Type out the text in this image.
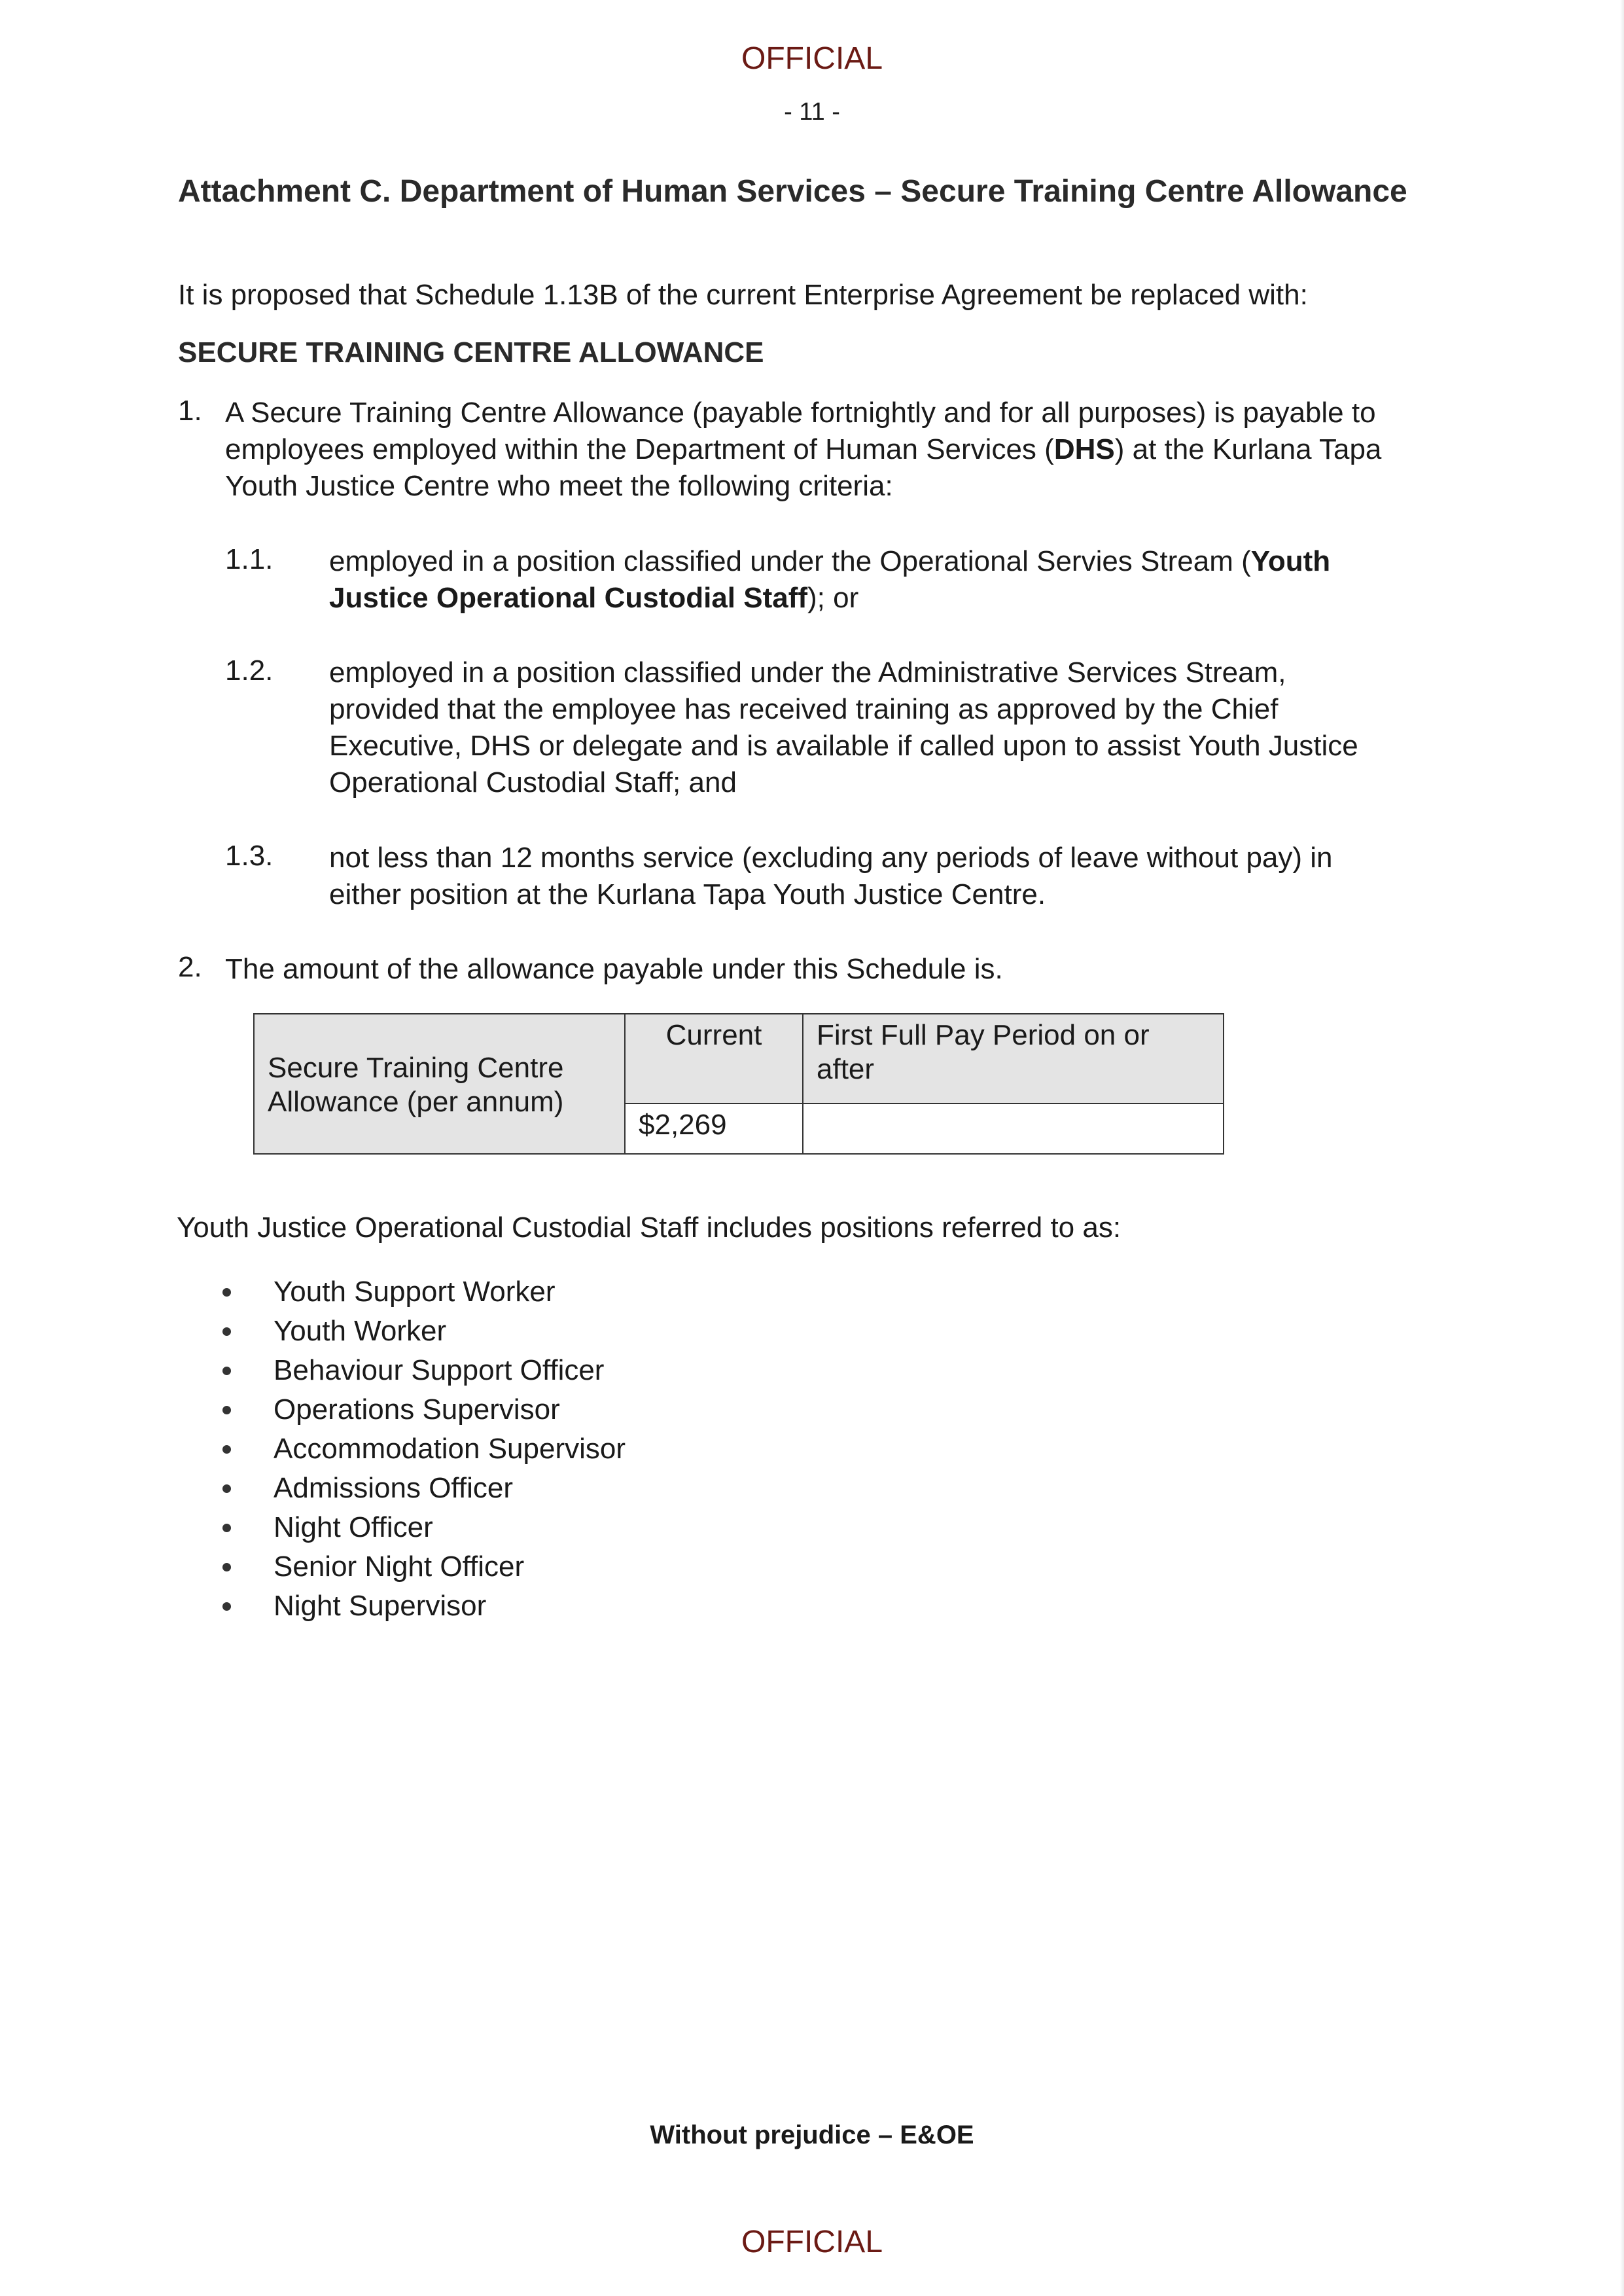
OFFICIAL
- 11 -
Attachment C. Department of Human Services – Secure Training Centre Allowance
It is proposed that Schedule 1.13B of the current Enterprise Agreement be replaced with:
SECURE TRAINING CENTRE ALLOWANCE
1. A Secure Training Centre Allowance (payable fortnightly and for all purposes) is payable to
employees employed within the Department of Human Services (DHS) at the Kurlana Tapa
Youth Justice Centre who meet the following criteria:
1.1. employed in a position classified under the Operational Servies Stream (Youth
Justice Operational Custodial Staff); or
1.2. employed in a position classified under the Administrative Services Stream,
provided that the employee has received training as approved by the Chief
Executive, DHS or delegate and is available if called upon to assist Youth Justice
Operational Custodial Staff; and
1.3. not less than 12 months service (excluding any periods of leave without pay) in
either position at the Kurlana Tapa Youth Justice Centre.
2. The amount of the allowance payable under this Schedule is.
Secure Training Centre Allowance (per annum)	Current	First Full Pay Period on or after
	$2,269	
Youth Justice Operational Custodial Staff includes positions referred to as:
Youth Support Worker
Youth Worker
Behaviour Support Officer
Operations Supervisor
Accommodation Supervisor
Admissions Officer
Night Officer
Senior Night Officer
Night Supervisor
Without prejudice – E&OE
OFFICIAL
